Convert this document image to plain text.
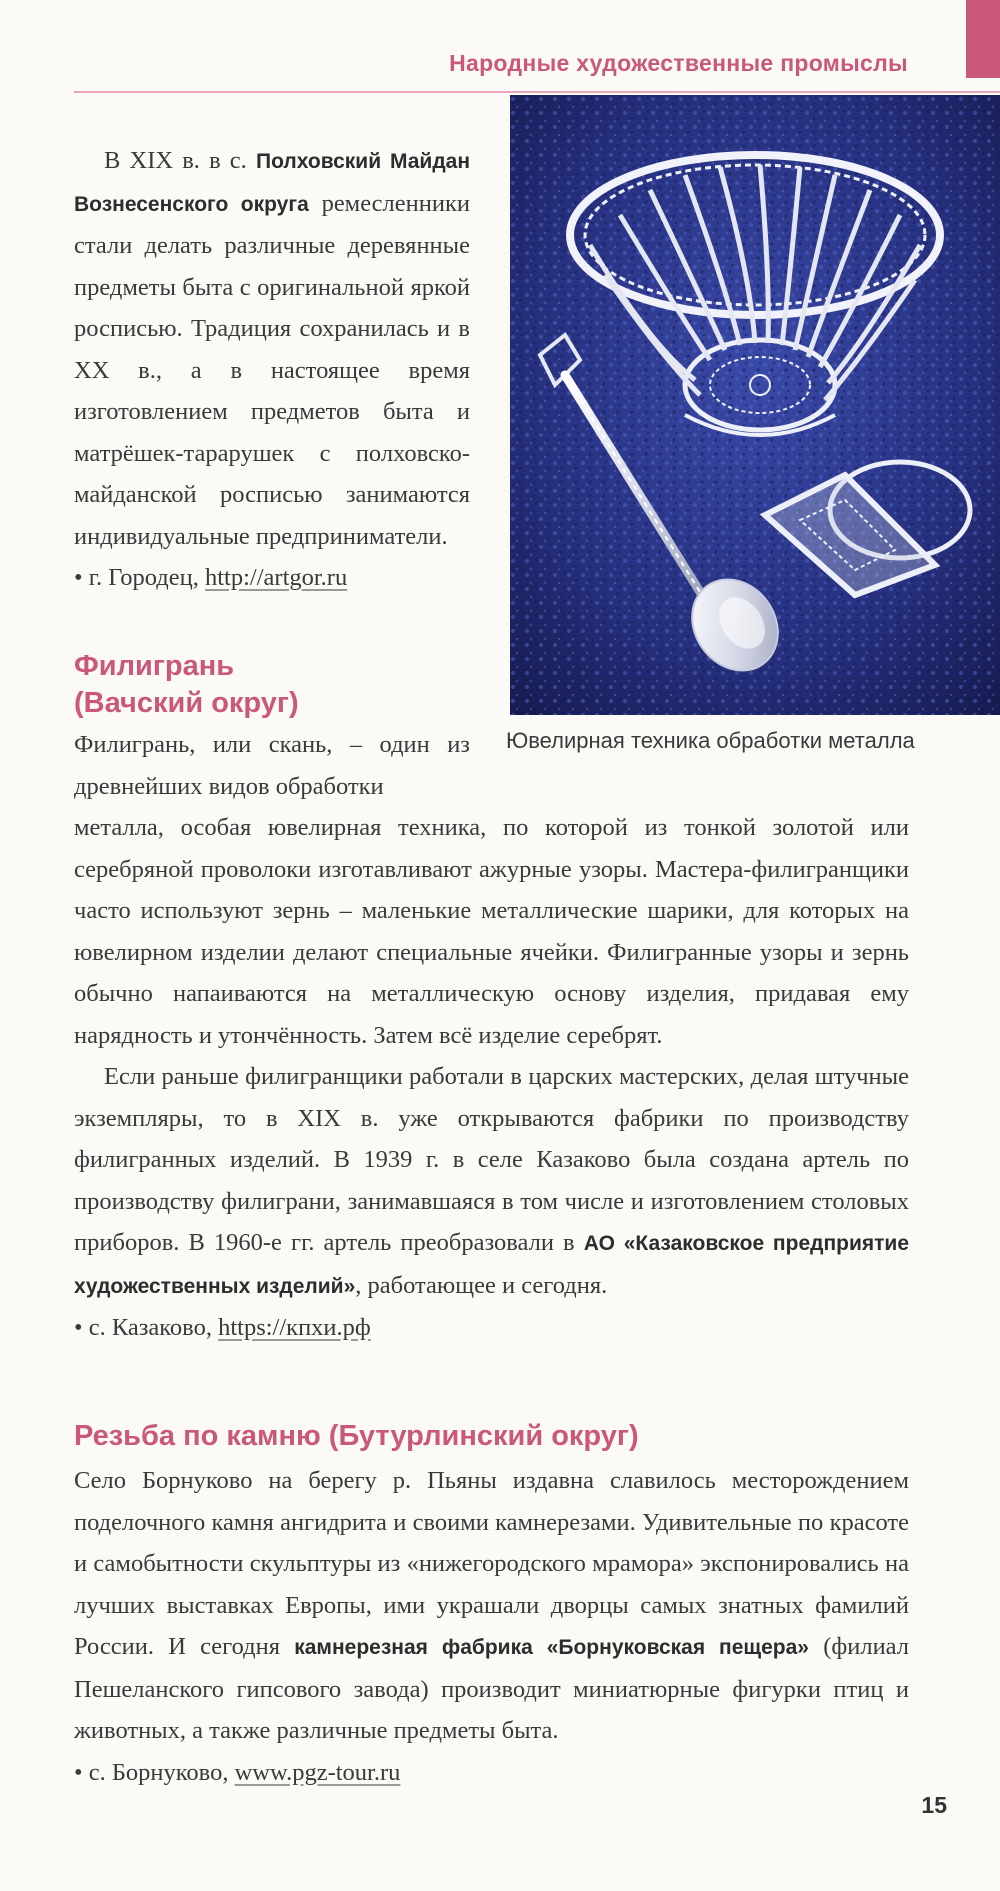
Народные художественные промыслы
Ювелирная техника обработки металла

В XIX в. в с. Полховский Майдан Вознесенского округа ремесленники стали делать различные деревянные предметы быта с оригинальной яркой росписью. Традиция сохранилась и в XX в., а в настоящее время изготовлением предметов быта и матрёшек-тарарушек с полховско-майданской росписью занимаются индивидуальные предприниматели.

• г. Городец, http://artgor.ru

Филигрань
(Вачский округ)

Филигрань, или скань, – один из древнейших видов обработки

металла, особая ювелирная техника, по которой из тонкой золотой или серебряной проволоки изготавливают ажурные узоры. Мастера-филигранщики часто используют зернь – маленькие металлические шарики, для которых на ювелирном изделии делают специальные ячейки. Филигранные узоры и зернь обычно напаиваются на металлическую основу изделия, придавая ему нарядность и утончённость. Затем всё изделие серебрят.

Если раньше филигранщики работали в царских мастерских, делая штучные экземпляры, то в XIX в. уже открываются фабрики по производству филигранных изделий. В 1939 г. в селе Казаково была создана артель по производству филиграни, занимавшаяся в том числе и изготовлением столовых приборов. В 1960-е гг. артель преобразовали в АО «Казаковское предприятие художественных изделий», работающее и сегодня.

• с. Казаково, https://кпхи.рф

Резьба по камню (Бутурлинский округ)

Село Борнуково на берегу р. Пьяны издавна славилось месторождением поделочного камня ангидрита и своими камнерезами. Удивительные по красоте и самобытности скульптуры из «нижегородского мрамора» экспонировались на лучших выставках Европы, ими украшали дворцы самых знатных фамилий России. И сегодня камнерезная фабрика «Борнуковская пещера» (филиал Пешеланского гипсового завода) производит миниатюрные фигурки птиц и животных, а также различные предметы быта.

• с. Борнуково, www.pgz-tour.ru

15
